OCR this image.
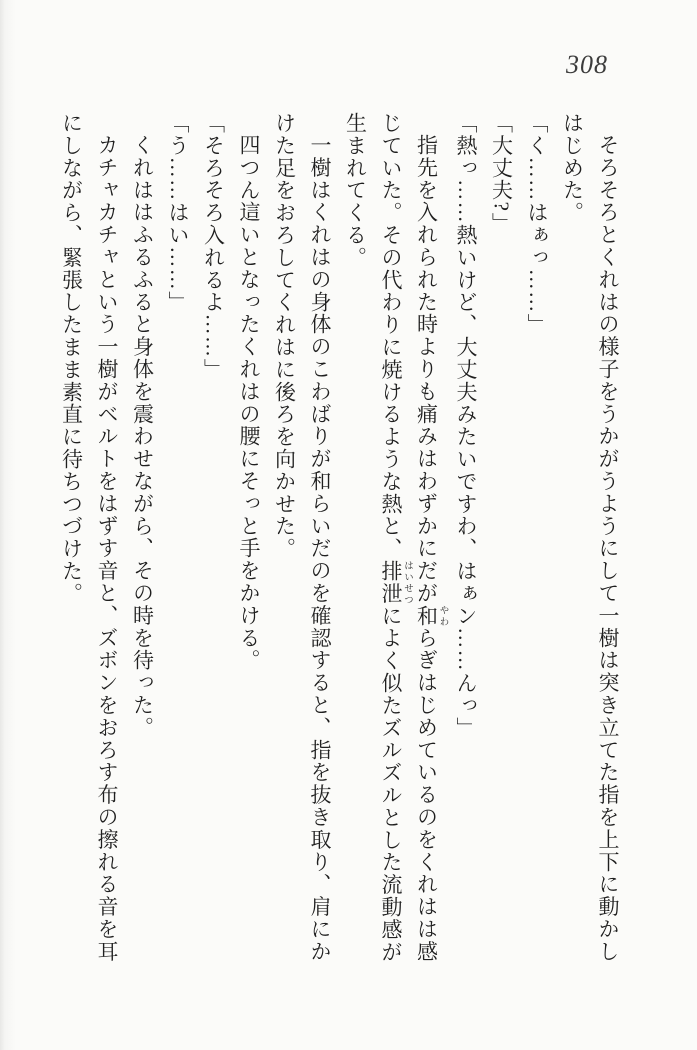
308

そろそろとくれはの様子をうかがうようにして一樹は突き立てた指を上下に動かしはじめた。

「く……はぁっ……」

「大丈夫?」

「熱っ……熱いけど、大丈夫みたいですわ、はぁン……んっ」

指先を入れられた時よりも痛みはわずかにだが和 やわらぎはじめているのをくれはは感じていた。その代わりに焼けるような熱と、排泄 はいせつによく似たズルズルとした流動感が生まれてくる。

一樹はくれはの身体のこわばりが和らいだのを確認すると、指を抜き取り、肩にかけた足をおろしてくれはに後ろを向かせた。

四つん這いとなったくれはの腰にそっと手をかける。

「そろそろ入れるよ……」

「う……はい……」

くれははふるふると身体を震わせながら、その時を待った。

カチャカチャという一樹がベルトをはずす音と、ズボンをおろす布の擦れる音を耳にしながら、緊張したまま素直に待ちつづけた。
